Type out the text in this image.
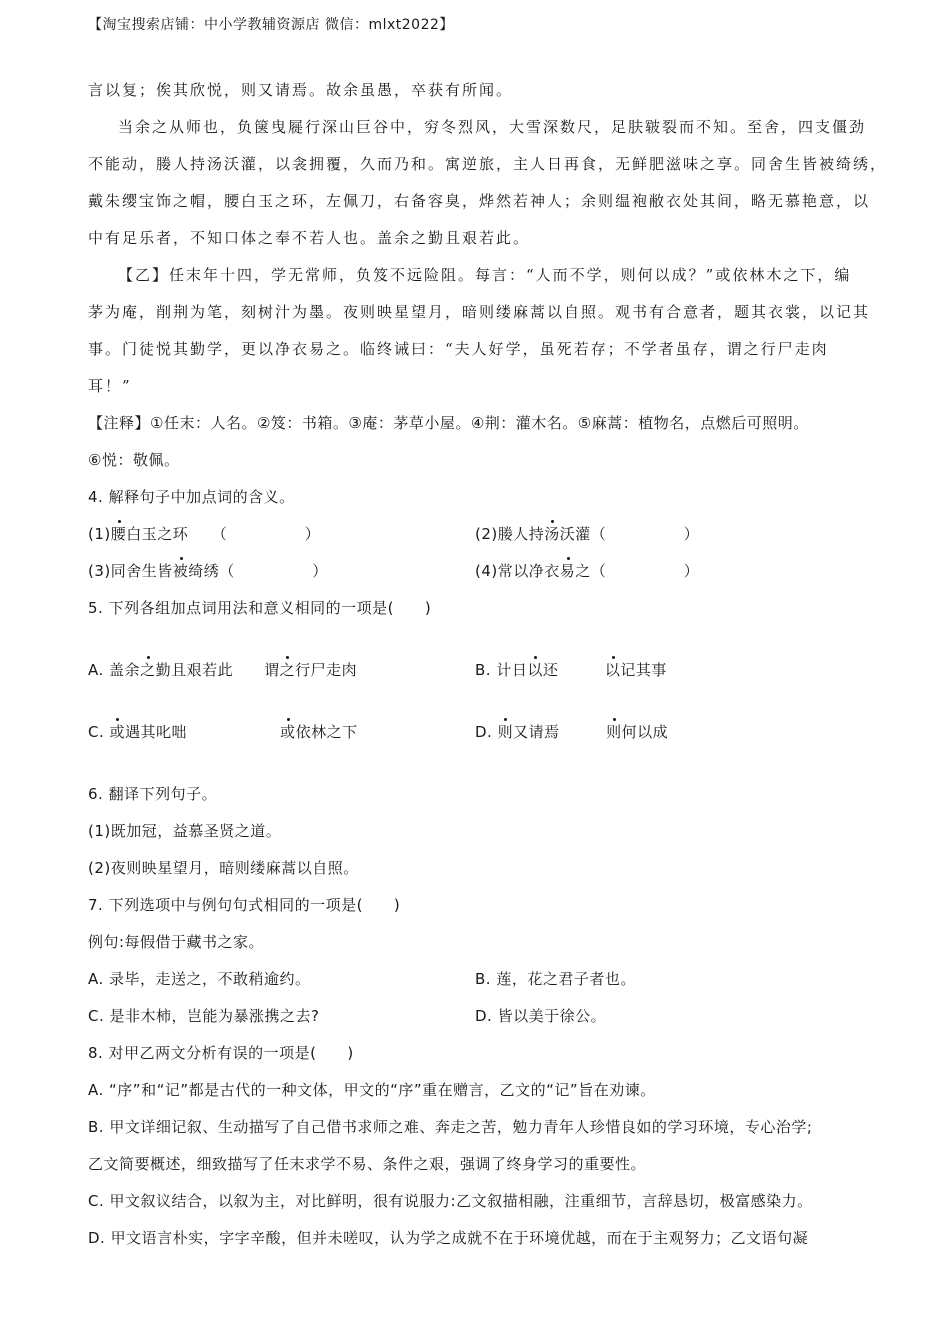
【淘宝搜索店铺：中小学教辅资源店 微信：mlxt2022】
言以复；俟其欣悦，则又请焉。故余虽愚，卒获有所闻。
当余之从师也，负箧曳屣行深山巨谷中，穷冬烈风，大雪深数尺，足肤皲裂而不知。至舍，四支僵劲
不能动，媵人持汤沃灌，以衾拥覆，久而乃和。寓逆旅，主人日再食，无鲜肥滋味之享。同舍生皆被绮绣，
戴朱缨宝饰之帽，腰白玉之环，左佩刀，右备容臭，烨然若神人；余则缊袍敝衣处其间，略无慕艳意，以
中有足乐者，不知口体之奉不若人也。盖余之勤且艰若此。
【乙】任末年十四，学无常师，负笈不远险阻。每言：“人而不学，则何以成？”或依林木之下，编
茅为庵，削荆为笔，刻树汁为墨。夜则映星望月，暗则缕麻蒿以自照。观书有合意者，题其衣裳，以记其
事。门徒悦其勤学，更以净衣易之。临终诫曰：“夫人好学，虽死若存；不学者虽存，谓之行尸走肉
耳！”
【注释】①任末：人名。②笈：书箱。③庵：茅草小屋。④荆：灌木名。⑤麻蒿：植物名，点燃后可照明。
⑥悦：敬佩。
4. 解释句子中加点词的含义。
(1)腰白玉之环　　（　　　　　）	(2)媵人持汤沃灌（　　　　　）
(3)同舍生皆被绮绣（　　　　　）	(4)常以净衣易之（　　　　　）
5. 下列各组加点词用法和意义相同的一项是(　　)
A. 盖余之勤且艰若此　　谓之行尸走肉	B. 计日以还　　　以记其事
C. 或遇其叱咄　　　　　　或依林之下	D. 则又请焉　　　则何以成
6. 翻译下列句子。
(1)既加冠，益慕圣贤之道。
(2)夜则映星望月，暗则缕麻蒿以自照。
7. 下列选项中与例句句式相同的一项是(　　)
例句:每假借于藏书之家。
A. 录毕，走送之，不敢稍逾约。	B. 莲，花之君子者也。
C. 是非木柿，岂能为暴涨携之去?	D. 皆以美于徐公。
8. 对甲乙两文分析有误的一项是(　　)
A. “序”和“记”都是古代的一种文体，甲文的“序”重在赠言，乙文的“记”旨在劝谏。
B. 甲文详细记叙、生动描写了自己借书求师之难、奔走之苦，勉力青年人珍惜良如的学习环境，专心治学;
乙文简要概述，细致描写了任末求学不易、条件之艰，强调了终身学习的重要性。
C. 甲文叙议结合，以叙为主，对比鲜明，很有说服力:乙文叙描相融，注重细节，言辞恳切，极富感染力。
D. 甲文语言朴实，字字辛酸，但并未嗟叹，认为学之成就不在于环境优越，而在于主观努力；乙文语句凝
